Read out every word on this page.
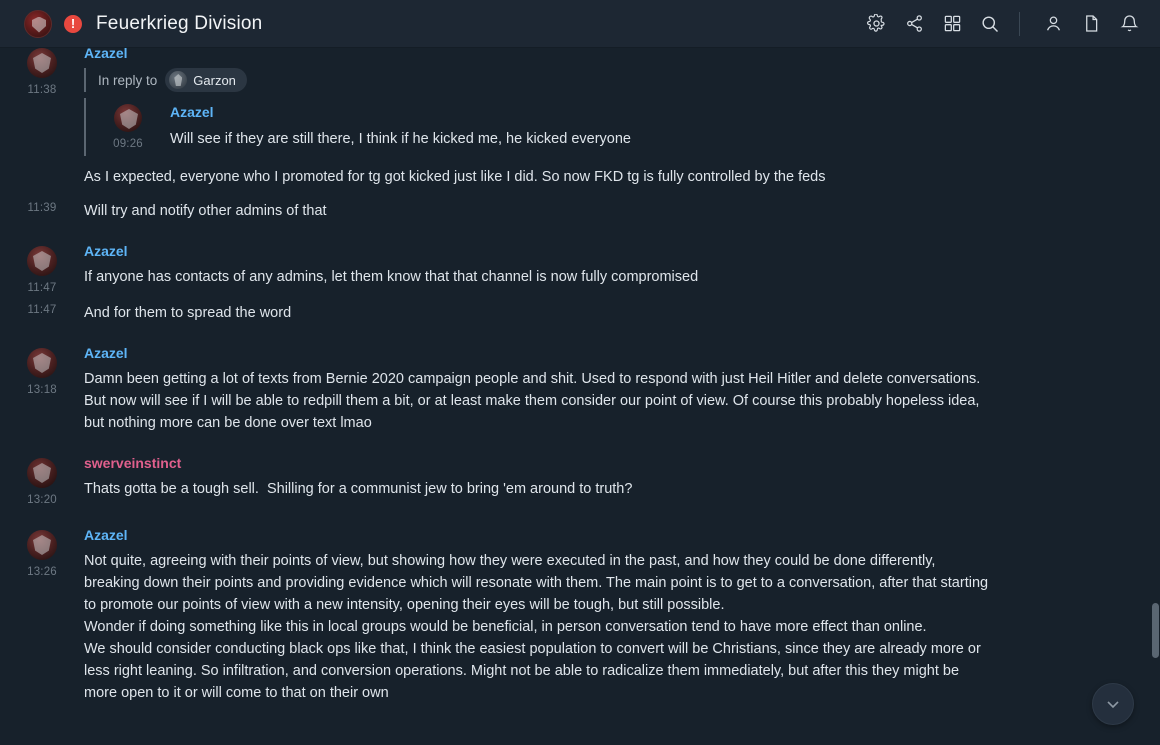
!	Feuerkrieg Division
11:38
Azazel
In reply to	Garzon
09:26
Azazel
Will see if they are still there, I think if he kicked me, he kicked everyone
As I expected, everyone who I promoted for tg got kicked just like I did. So now FKD tg is fully controlled by the feds
11:39 Will try and notify other admins of that
11:47
Azazel
If anyone has contacts of any admins, let them know that that channel is now fully compromised
11:47 And for them to spread the word
13:18
Azazel
Damn been getting a lot of texts from Bernie 2020 campaign people and shit. Used to respond with just Heil Hitler and delete conversations. But now will see if I will be able to redpill them a bit, or at least make them consider our point of view. Of course this probably hopeless idea, but nothing more can be done over text lmao
13:20
swerveinstinct
Thats gotta be a tough sell.  Shilling for a communist jew to bring 'em around to truth?
13:26
Azazel
Not quite, agreeing with their points of view, but showing how they were executed in the past, and how they could be done differently, breaking down their points and providing evidence which will resonate with them. The main point is to get to a conversation, after that starting to promote our points of view with a new intensity, opening their eyes will be tough, but still possible.
Wonder if doing something like this in local groups would be beneficial, in person conversation tend to have more effect than online.
We should consider conducting black ops like that, I think the easiest population to convert will be Christians, since they are already more or less right leaning. So infiltration, and conversion operations. Might not be able to radicalize them immediately, but after this they might be more open to it or will come to that on their own
